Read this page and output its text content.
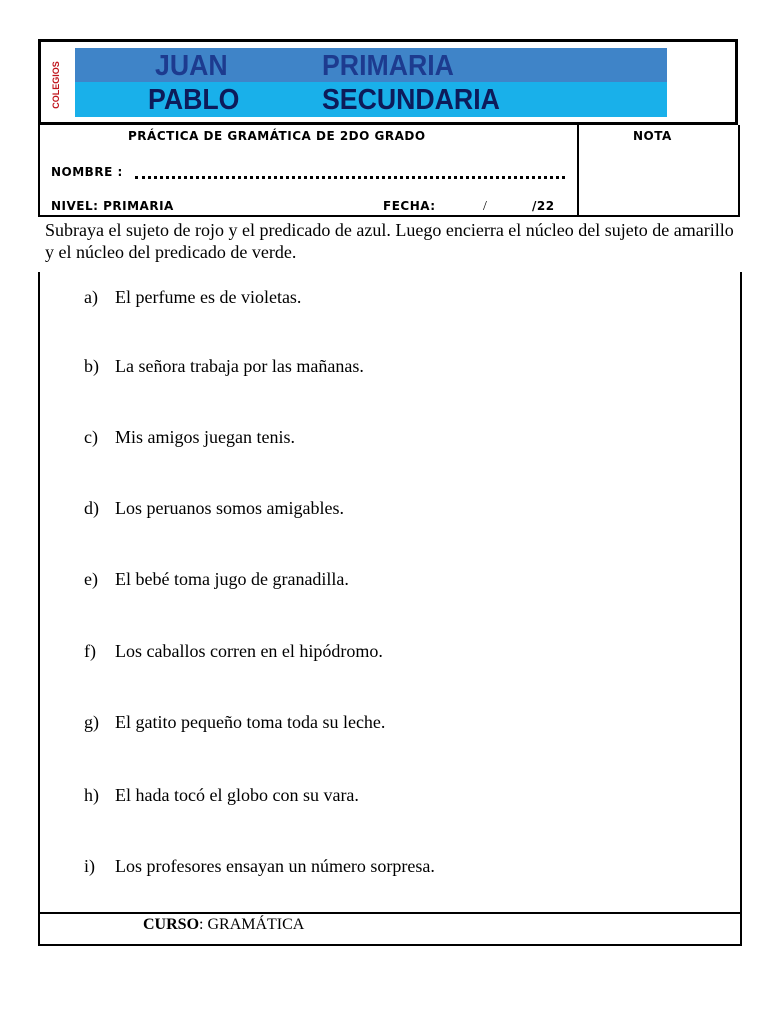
COLEGIOS	JUAN	PRIMARIA
PABLO	SECUNDARIA
PRÁCTICA DE GRAMÁTICA DE 2DO GRADO	NOTA
NOMBRE :
NIVEL: PRIMARIA	FECHA:	/	/22

Subraya el sujeto de rojo y el predicado de azul. Luego encierra el núcleo del sujeto de amarillo y el núcleo del predicado de verde.

a) El perfume es de violetas.
b) La señora trabaja por las mañanas.
c) Mis amigos juegan tenis.
d) Los peruanos somos amigables.
e) El bebé toma jugo de granadilla.
f) Los caballos corren en el hipódromo.
g) El gatito pequeño toma toda su leche.
h) El hada tocó el globo con su vara.
i) Los profesores ensayan un número sorpresa.
CURSO: GRAMÁTICA
